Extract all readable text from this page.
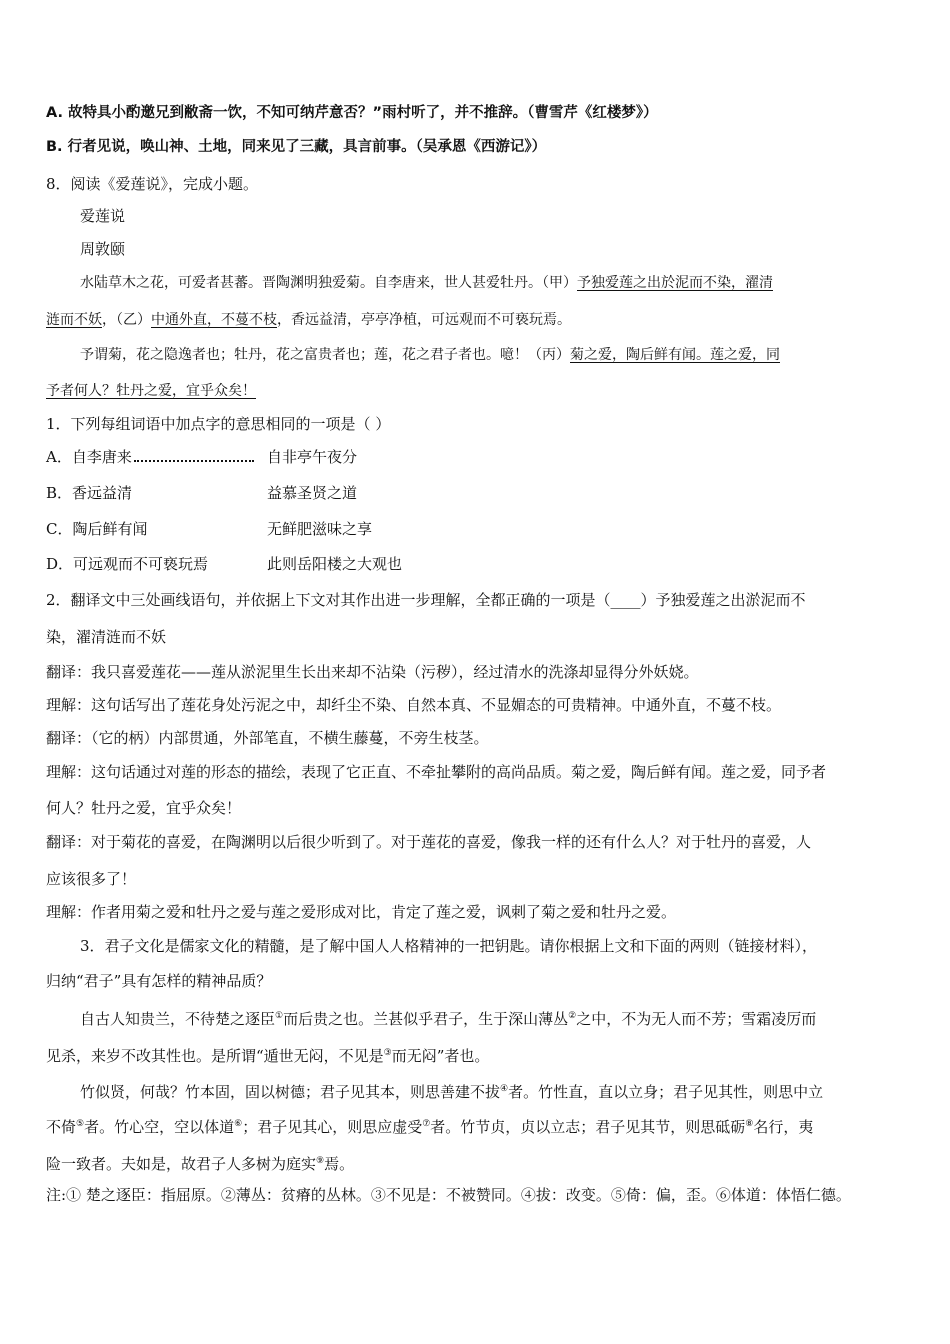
A. 故特具小酌邀兄到敝斋一饮，不知可纳芹意否？”雨村听了，并不推辞。（曹雪芹《红楼梦》）
B. 行者见说，唤山神、土地，同来见了三藏，具言前事。（吴承恩《西游记》）
8．阅读《爱莲说》，完成小题。
爱莲说
周敦颐
水陆草木之花，可爱者甚蕃。晋陶渊明独爱菊。自李唐来，世人甚爱牡丹。（甲）予独爱莲之出於泥而不染，濯清
涟而不妖，（乙）中通外直，不蔓不枝，香远益清，亭亭净植，可远观而不可亵玩焉。
予谓菊，花之隐逸者也；牡丹，花之富贵者也；莲，花之君子者也。噫！（丙）菊之爱，陶后鲜有闻。莲之爱，同
予者何人？牡丹之爱，宜乎众矣！
1．下列每组词语中加点字的意思相同的一项是（ ）
A．自李唐来	自非亭午夜分
B．香远益清	益慕圣贤之道
C．陶后鲜有闻	无鲜肥滋味之享
D．可远观而不可亵玩焉	此则岳阳楼之大观也
2．翻译文中三处画线语句，并依据上下文对其作出进一步理解，全都正确的一项是（____）予独爱莲之出淤泥而不
染，濯清涟而不妖
翻译：我只喜爱莲花——莲从淤泥里生长出来却不沾染（污秽），经过清水的洗涤却显得分外妖娆。
理解：这句话写出了莲花身处污泥之中，却纤尘不染、自然本真、不显媚态的可贵精神。中通外直，不蔓不枝。
翻译：（它的柄）内部贯通，外部笔直，不横生藤蔓，不旁生枝茎。
理解：这句话通过对莲的形态的描绘，表现了它正直、不牵扯攀附的高尚品质。菊之爱，陶后鲜有闻。莲之爱，同予者
何人？牡丹之爱，宜乎众矣！
翻译：对于菊花的喜爱，在陶渊明以后很少听到了。对于莲花的喜爱，像我一样的还有什么人？对于牡丹的喜爱，人
应该很多了！
理解：作者用菊之爱和牡丹之爱与莲之爱形成对比，肯定了莲之爱，讽刺了菊之爱和牡丹之爱。
3．君子文化是儒家文化的精髓，是了解中国人人格精神的一把钥匙。请你根据上文和下面的两则（链接材料），
归纳“君子”具有怎样的精神品质？
自古人知贵兰，不待楚之逐臣①而后贵之也。兰甚似乎君子，生于深山薄丛②之中，不为无人而不芳；雪霜凌厉而
见杀，来岁不改其性也。是所谓“遁世无闷，不见是③而无闷”者也。
竹似贤，何哉？竹本固，固以树德；君子见其本，则思善建不拔④者。竹性直，直以立身；君子见其性，则思中立
不倚⑤者。竹心空，空以体道⑥；君子见其心，则思应虚受⑦者。竹节贞，贞以立志；君子见其节，则思砥砺⑧名行，夷
险一致者。夫如是，故君子人多树为庭实⑨焉。
注:① 楚之逐臣：指屈原。②薄丛：贫瘠的丛林。③不见是：不被赞同。④拔：改变。⑤倚：偏，歪。⑥体道：体悟仁德。
